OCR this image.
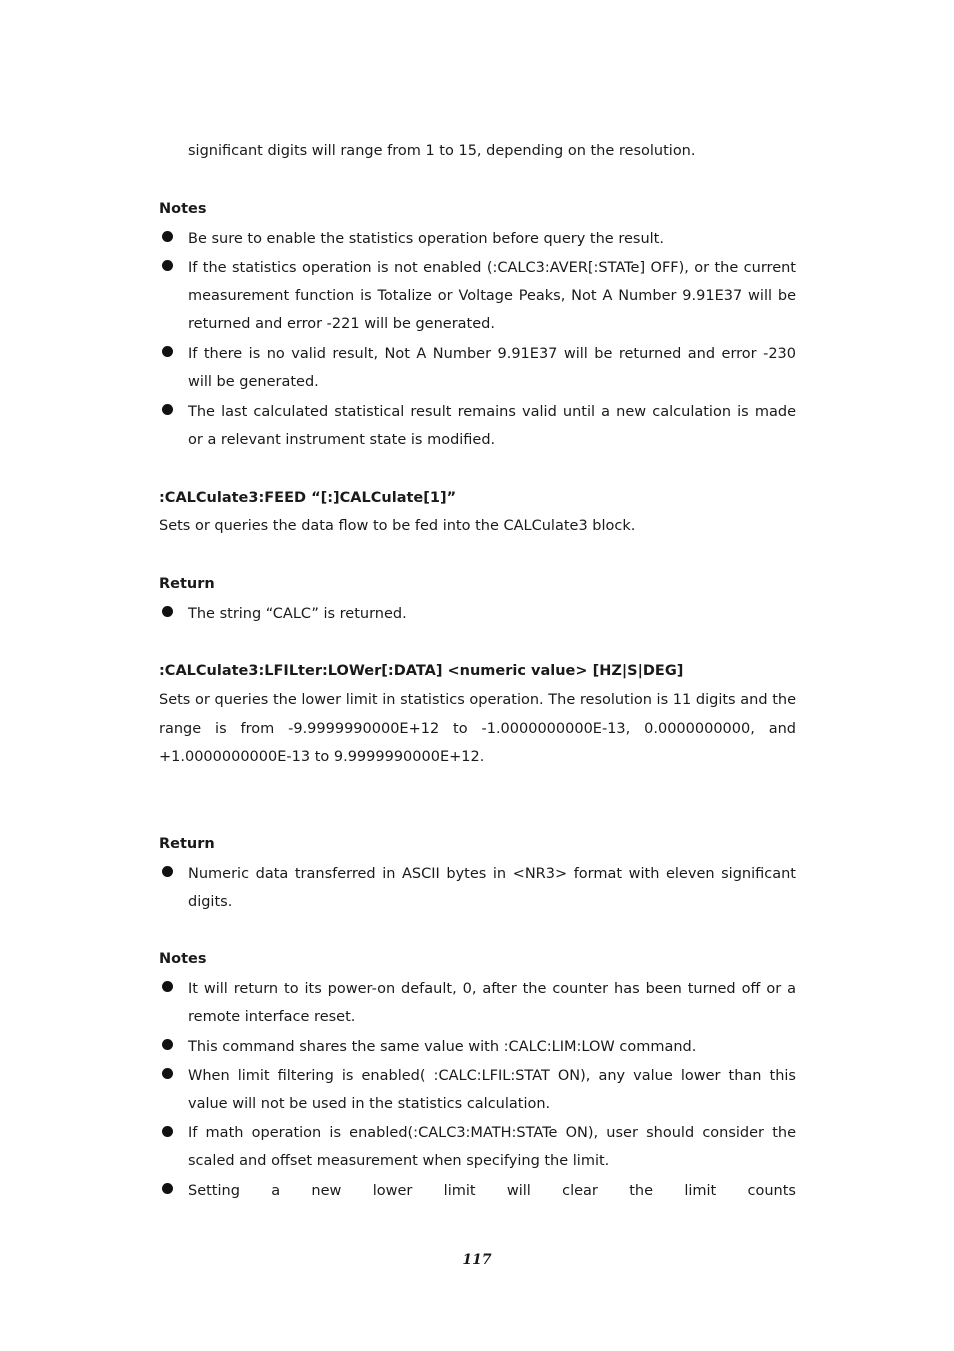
significant digits will range from 1 to 15, depending on the resolution.
Notes
Be sure to enable the statistics operation before query the result.
If the statistics operation is not enabled (:CALC3:AVER[:STATe] OFF), or the current measurement function is Totalize or Voltage Peaks, Not A Number 9.91E37 will be returned and error -221 will be generated.
If there is no valid result, Not A Number 9.91E37 will be returned and error -230 will be generated.
The last calculated statistical result remains valid until a new calculation is made or a relevant instrument state is modified.
:CALCulate3:FEED “[:]CALCulate[1]”
Sets or queries the data flow to be fed into the CALCulate3 block.
Return
The string “CALC” is returned.
:CALCulate3:LFILter:LOWer[:DATA] <numeric value> [HZ|S|DEG]
Sets or queries the lower limit in statistics operation. The resolution is 11 digits and the range is from -9.9999990000E+12 to -1.0000000000E-13, 0.0000000000, and +1.0000000000E-13 to 9.9999990000E+12.
Return
Numeric data transferred in ASCII bytes in <NR3> format with eleven significant digits.
Notes
It will return to its power-on default, 0, after the counter has been turned off or a remote interface reset.
This command shares the same value with :CALC:LIM:LOW command.
When limit filtering is enabled( :CALC:LFIL:STAT ON), any value lower than this value will not be used in the statistics calculation.
If math operation is enabled(:CALC3:MATH:STATe ON), user should consider the scaled and offset measurement when specifying the limit.
Setting a new lower limit will clear the limit counts
117
